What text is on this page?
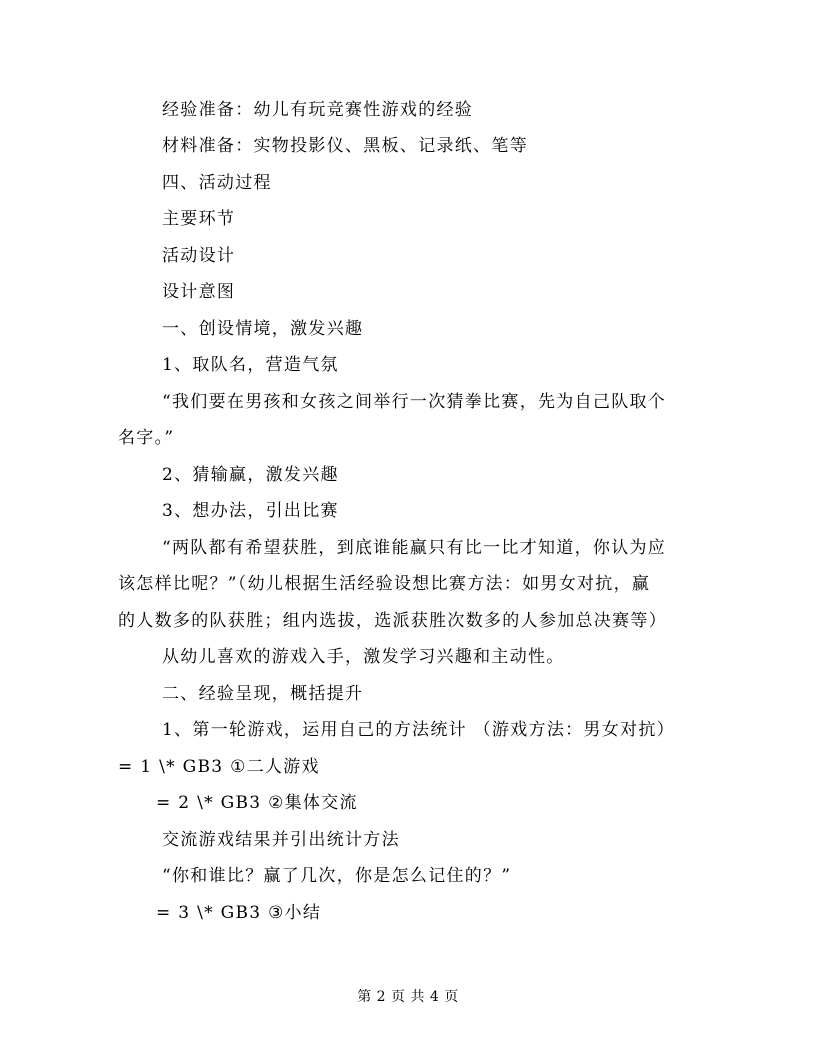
经验准备：幼儿有玩竞赛性游戏的经验
材料准备：实物投影仪、黑板、记录纸、笔等
四、活动过程
主要环节
活动设计
设计意图
一、创设情境，激发兴趣
1、取队名，营造气氛
“我们要在男孩和女孩之间举行一次猜拳比赛，先为自己队取个
名字。”
2、猜输赢，激发兴趣
3、想办法，引出比赛
“两队都有希望获胜，到底谁能赢只有比一比才知道，你认为应
该怎样比呢？”（幼儿根据生活经验设想比赛方法：如男女对抗，赢
的人数多的队获胜；组内选拔，选派获胜次数多的人参加总决赛等）
从幼儿喜欢的游戏入手，激发学习兴趣和主动性。
二、经验呈现，概括提升
1、第一轮游戏，运用自己的方法统计 （游戏方法：男女对抗）
= 1 \* GB3 ①二人游戏
= 2 \* GB3 ②集体交流
交流游戏结果并引出统计方法
“你和谁比？赢了几次，你是怎么记住的？”
= 3 \* GB3 ③小结
第 2 页 共 4 页
